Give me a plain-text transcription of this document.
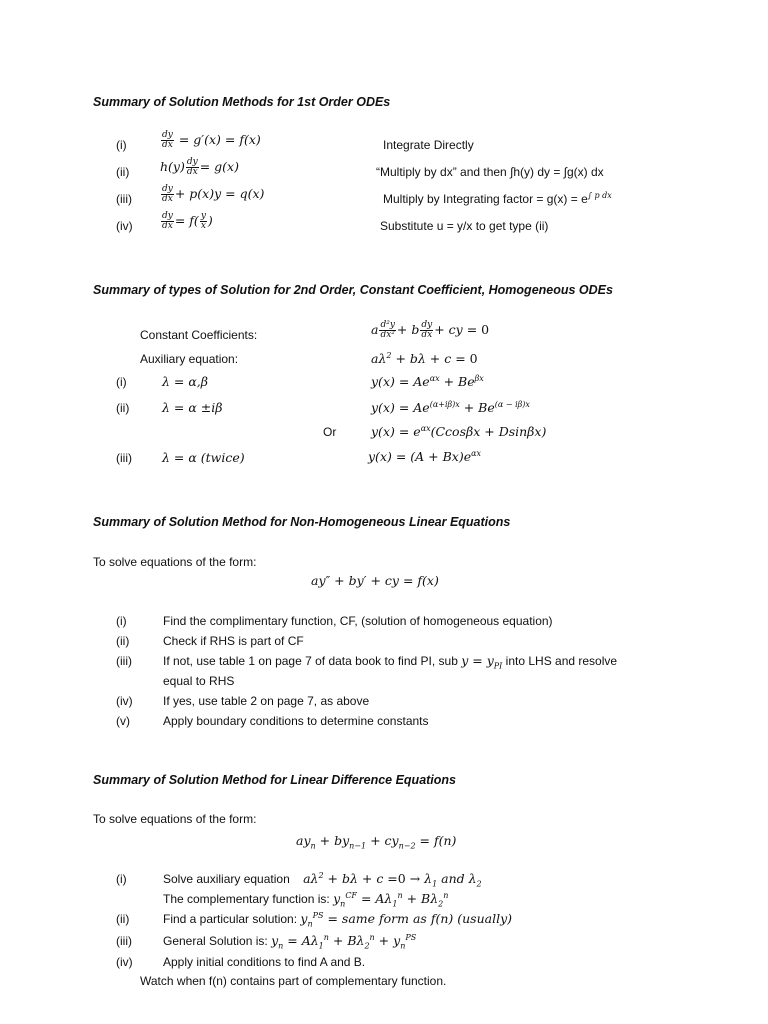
Summary of Solution Methods for 1st Order ODEs
(i)	$\frac{dy}{dx} = g'(x) = f(x)$	Integrate Directly
(ii) $h(y) \frac{dy}{dx} = g(x)$	“Multiply by dx” and then ∫h(y) dy = ∫g(x) dx
(iii)	$\frac{dy}{dx} + p(x)y = q(x)$	Multiply by Integrating factor = $g(x) = e^{\int p dx}$
(iv)	$\frac{dy}{dx} = f( \frac{y}{x}$ )	Substitute u = y/x to get type (ii)
Summary of types of Solution for 2nd Order, Constant Coefficient, Homogeneous ODEs
Constant Coefficients:	a $\frac{\text{d²y}}{\text{dx²}} + b \frac{dy}{dx}$ + cy = 0
Auxiliary equation:	$a\lambda^2 + b\lambda + c = 0$
(i)	λ = α,β	$y(x) = Ae^{\alpha x} + Be^{\beta x}$
(ii)	λ = α ±iβ	$y(x) = Ae^{(\alpha+i\beta)x} + Be^{(\alpha - i\beta)x}$
Or	$y(x) = e^{\alpha x}(Ccos\beta x + Dsin\beta x)$
(iii) λ = α (twice)	$y(x) = (A + Bx)e^{\alpha x}$
Summary of Solution Method for Non-Homogeneous Linear Equations
To solve equations of the form:
ay″ + by′ + cy = f(x)
(i)	Find the complimentary function, CF, (solution of homogeneous equation)
(ii)	Check if RHS is part of CF
(iii)	If not, use table 1 on page 7 of data book to find PI, sub $y = y_{PI}$ into LHS and resolve
equal to RHS
(iv)	If yes, use table 2 on page 7, as above
(v)	Apply boundary conditions to determine constants
Summary of Solution Method for Linear Difference Equations
To solve equations of the form:
$ay_n + by_{n-1} + cy_{n-2} = f(n)$
(i)	Solve auxiliary equation $a\lambda^2 + b\lambda + c =0 \to \lambda_1$ and $\lambda_2$
The complementary function is: $y_n^{CF} = A\lambda_1^n + B\lambda_2^n$
(ii)	Find a particular solution: $y_n^{PS}$ = same form as f(n) (usually)
(iii)	General Solution is: $y_n = A\lambda_1^n + B\lambda_2^n + y_n^{PS}$
(iv)	Apply initial conditions to find A and B.
Watch when f(n) contains part of complementary function.
